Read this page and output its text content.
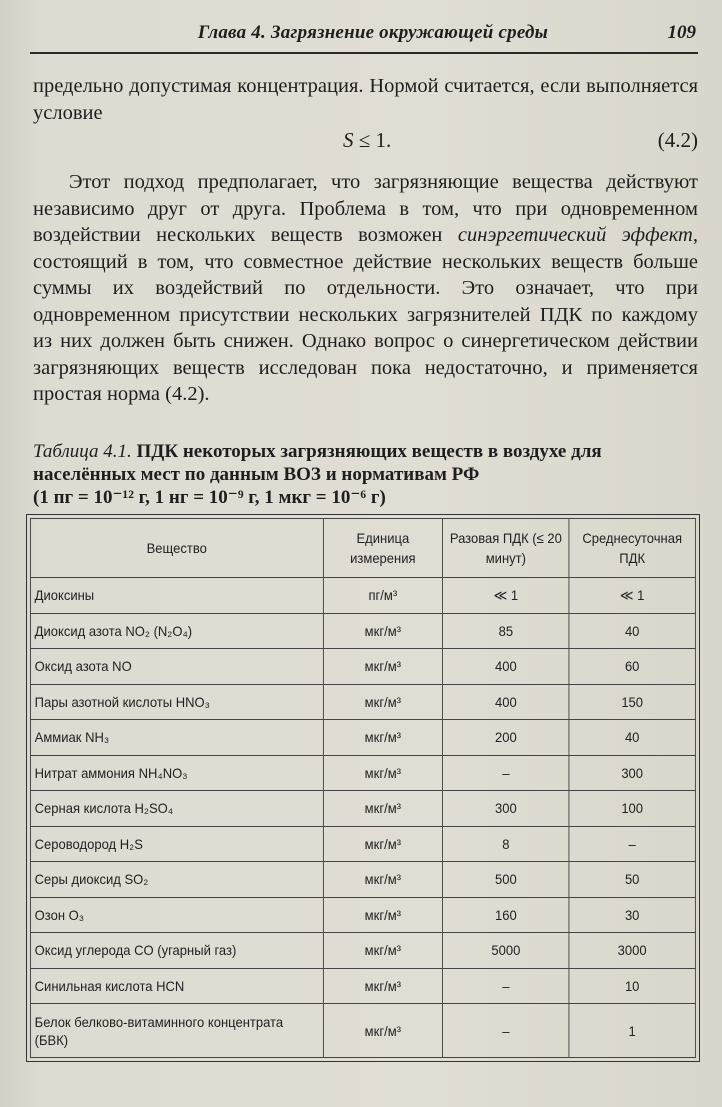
Глава 4. Загрязнение окружающей среды	109
предельно допустимая концентрация. Нормой считается, если выполняется условие
S ≤ 1.	(4.2)
Этот подход предполагает, что загрязняющие вещества действуют независимо друг от друга. Проблема в том, что при одновременном воздействии нескольких веществ возможен синэргетический эффект, состоящий в том, что совместное действие нескольких веществ больше суммы их воздействий по отдельности. Это означает, что при одновременном присутствии нескольких загрязнителей ПДК по каждому из них должен быть снижен. Однако вопрос о синергетическом действии загрязняющих веществ исследован пока недостаточно, и применяется простая норма (4.2).
Таблица 4.1. ПДК некоторых загрязняющих веществ в воздухе для населённых мест по данным ВОЗ и нормативам РФ
(1 пг = 10⁻¹² г, 1 нг = 10⁻⁹ г, 1 мкг = 10⁻⁶ г)
Вещество	Единица измерения	Разовая ПДК (≤ 20 минут)	Среднесуточная ПДК
Диоксины	пг/м³	≪ 1	≪ 1
Диоксид азота NO₂ (N₂O₄)	мкг/м³	85	40
Оксид азота NO	мкг/м³	400	60
Пары азотной кислоты HNO₃	мкг/м³	400	150
Аммиак NH₃	мкг/м³	200	40
Нитрат аммония NH₄NO₃	мкг/м³	–	300
Серная кислота H₂SO₄	мкг/м³	300	100
Сероводород H₂S	мкг/м³	8	–
Серы диоксид SO₂	мкг/м³	500	50
Озон O₃	мкг/м³	160	30
Оксид углерода CO (угарный газ)	мкг/м³	5000	3000
Синильная кислота HCN	мкг/м³	–	10
Белок белково-витаминного концентрата (БВК)	мкг/м³	–	1
